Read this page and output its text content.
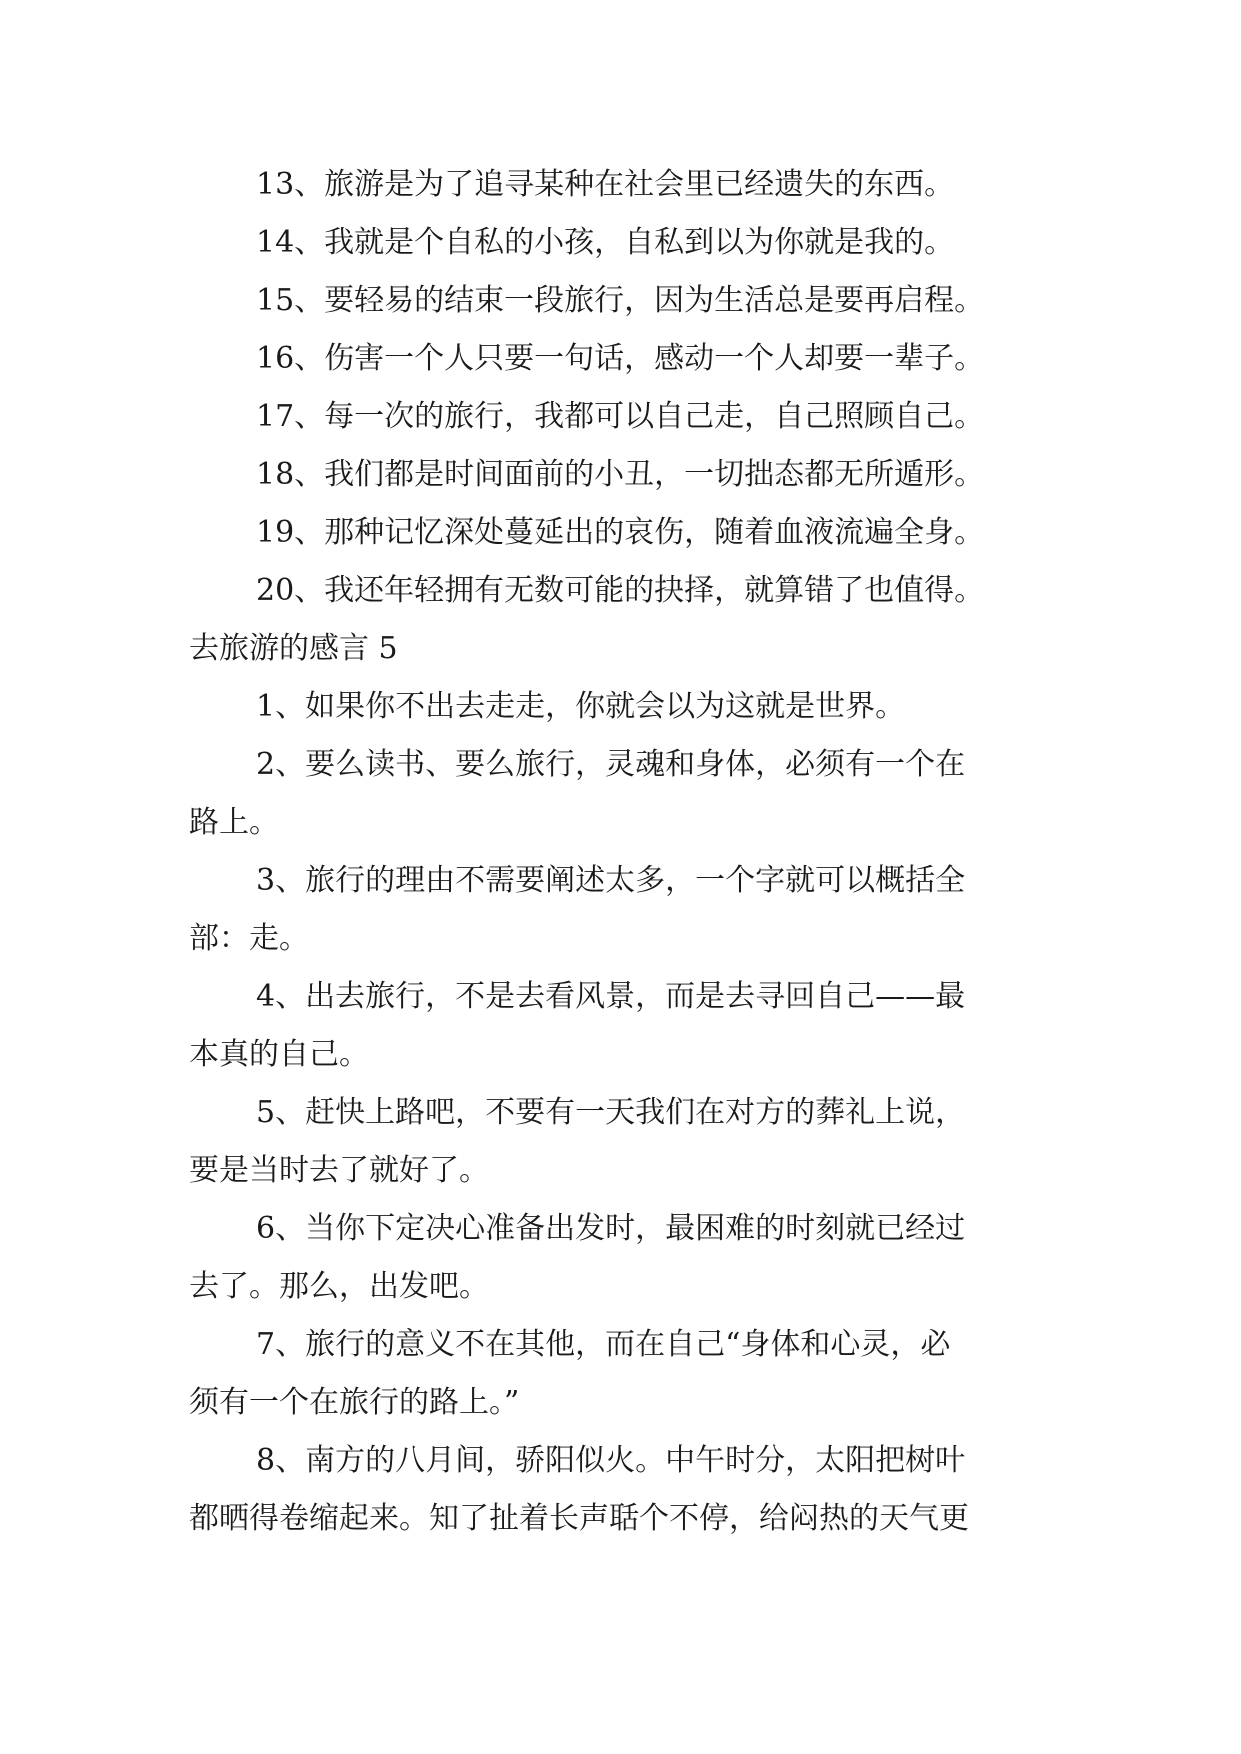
13、旅游是为了追寻某种在社会里已经遗失的东西。
14、我就是个自私的小孩，自私到以为你就是我的。
15、要轻易的结束一段旅行，因为生活总是要再启程。
16、伤害一个人只要一句话，感动一个人却要一辈子。
17、每一次的旅行，我都可以自己走，自己照顾自己。
18、我们都是时间面前的小丑，一切拙态都无所遁形。
19、那种记忆深处蔓延出的哀伤，随着血液流遍全身。
20、我还年轻拥有无数可能的抉择，就算错了也值得。
去旅游的感言 5
1、如果你不出去走走，你就会以为这就是世界。
2、要么读书、要么旅行，灵魂和身体，必须有一个在
路上。
3、旅行的理由不需要阐述太多，一个字就可以概括全
部：走。
4、出去旅行，不是去看风景，而是去寻回自己——最
本真的自己。
5、赶快上路吧，不要有一天我们在对方的葬礼上说，
要是当时去了就好了。
6、当你下定决心准备出发时，最困难的时刻就已经过
去了。那么，出发吧。
7、旅行的意义不在其他，而在自己“身体和心灵，必
须有一个在旅行的路上。”
8、南方的八月间，骄阳似火。中午时分，太阳把树叶
都晒得卷缩起来。知了扯着长声聒个不停，给闷热的天气更
